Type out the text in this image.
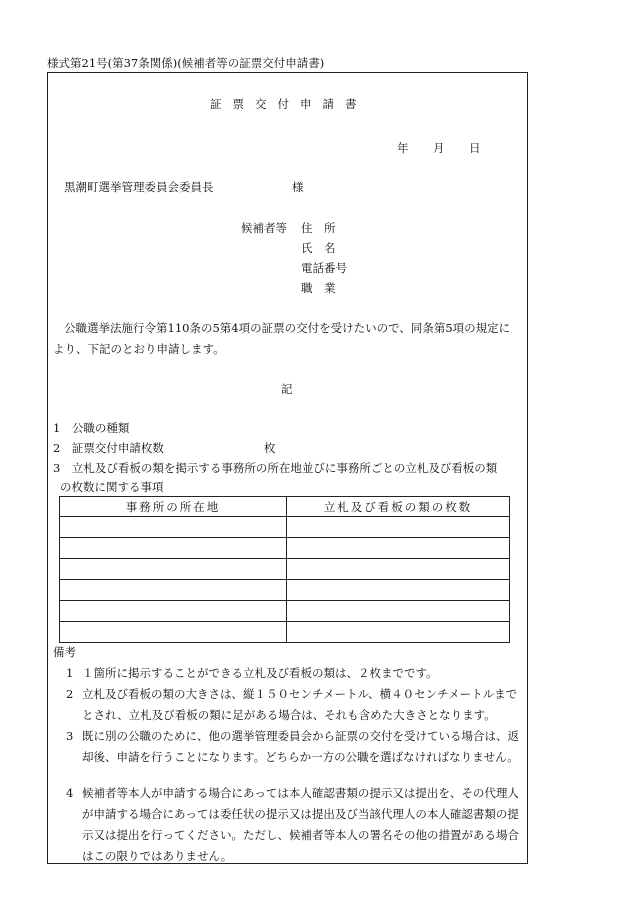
様式第21号(第37条関係)(候補者等の証票交付申請書)
証票交付申請書
年 月 日
黒潮町選挙管理委員会委員長	様
候補者等 住　所
氏　名
電話番号
職　業
公職選挙法施行令第110条の5第4項の証票の交付を受けたいので、同条第5項の規定に
より、下記のとおり申請します。
記
1　公職の種類
2　証票交付申請枚数	枚
3　立札及び看板の類を掲示する事務所の所在地並びに事務所ごとの立札及び看板の類
の枚数に関する事項
事務所の所在地	立札及び看板の類の枚数

備考
1 １箇所に掲示することができる立札及び看板の類は、２枚までです。
2 立札及び看板の類の大きさは、縦１５０センチメートル、横４０センチメートルまでとされ、立札及び看板の類に足がある場合は、それも含めた大きさとなります。
3 既に別の公職のために、他の選挙管理委員会から証票の交付を受けている場合は、返却後、申請を行うことになります。どちらか一方の公職を選ばなければなりません。
4 候補者等本人が申請する場合にあっては本人確認書類の提示又は提出を、その代理人が申請する場合にあっては委任状の提示又は提出及び当該代理人の本人確認書類の提示又は提出を行ってください。ただし、候補者等本人の署名その他の措置がある場合はこの限りではありません。
